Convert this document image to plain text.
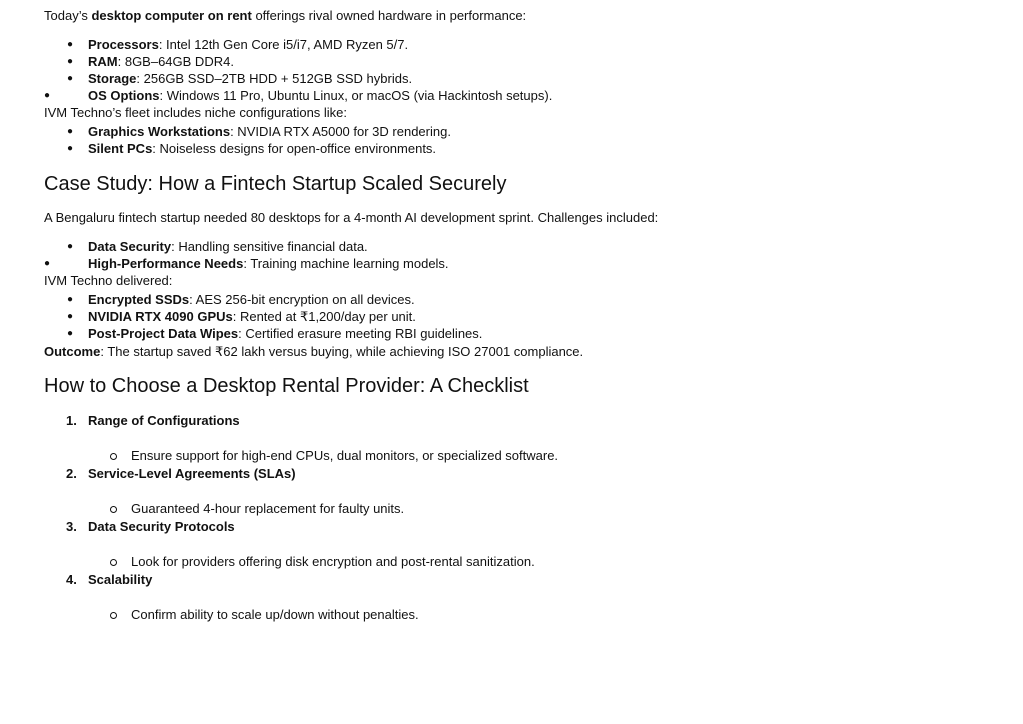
Today’s desktop computer on rent offerings rival owned hardware in performance:
● Processors: Intel 12th Gen Core i5/i7, AMD Ryzen 5/7.
● RAM: 8GB–64GB DDR4.
● Storage: 256GB SSD–2TB HDD + 512GB SSD hybrids.
●	OS Options: Windows 11 Pro, Ubuntu Linux, or macOS (via Hackintosh setups).
IVM Techno’s fleet includes niche configurations like:
● Graphics Workstations: NVIDIA RTX A5000 for 3D rendering.
● Silent PCs: Noiseless designs for open-office environments.
Case Study: How a Fintech Startup Scaled Securely
A Bengaluru fintech startup needed 80 desktops for a 4-month AI development sprint. Challenges included:
● Data Security: Handling sensitive financial data.
●	High-Performance Needs: Training machine learning models.
IVM Techno delivered:
● Encrypted SSDs: AES 256-bit encryption on all devices.
● NVIDIA RTX 4090 GPUs: Rented at ₹1,200/day per unit.
● Post-Project Data Wipes: Certified erasure meeting RBI guidelines.
Outcome: The startup saved ₹62 lakh versus buying, while achieving ISO 27001 compliance.
How to Choose a Desktop Rental Provider: A Checklist
1. Range of Configurations
Ensure support for high-end CPUs, dual monitors, or specialized software.
2. Service-Level Agreements (SLAs)
Guaranteed 4-hour replacement for faulty units.
3. Data Security Protocols
Look for providers offering disk encryption and post-rental sanitization.
4. Scalability
Confirm ability to scale up/down without penalties.
